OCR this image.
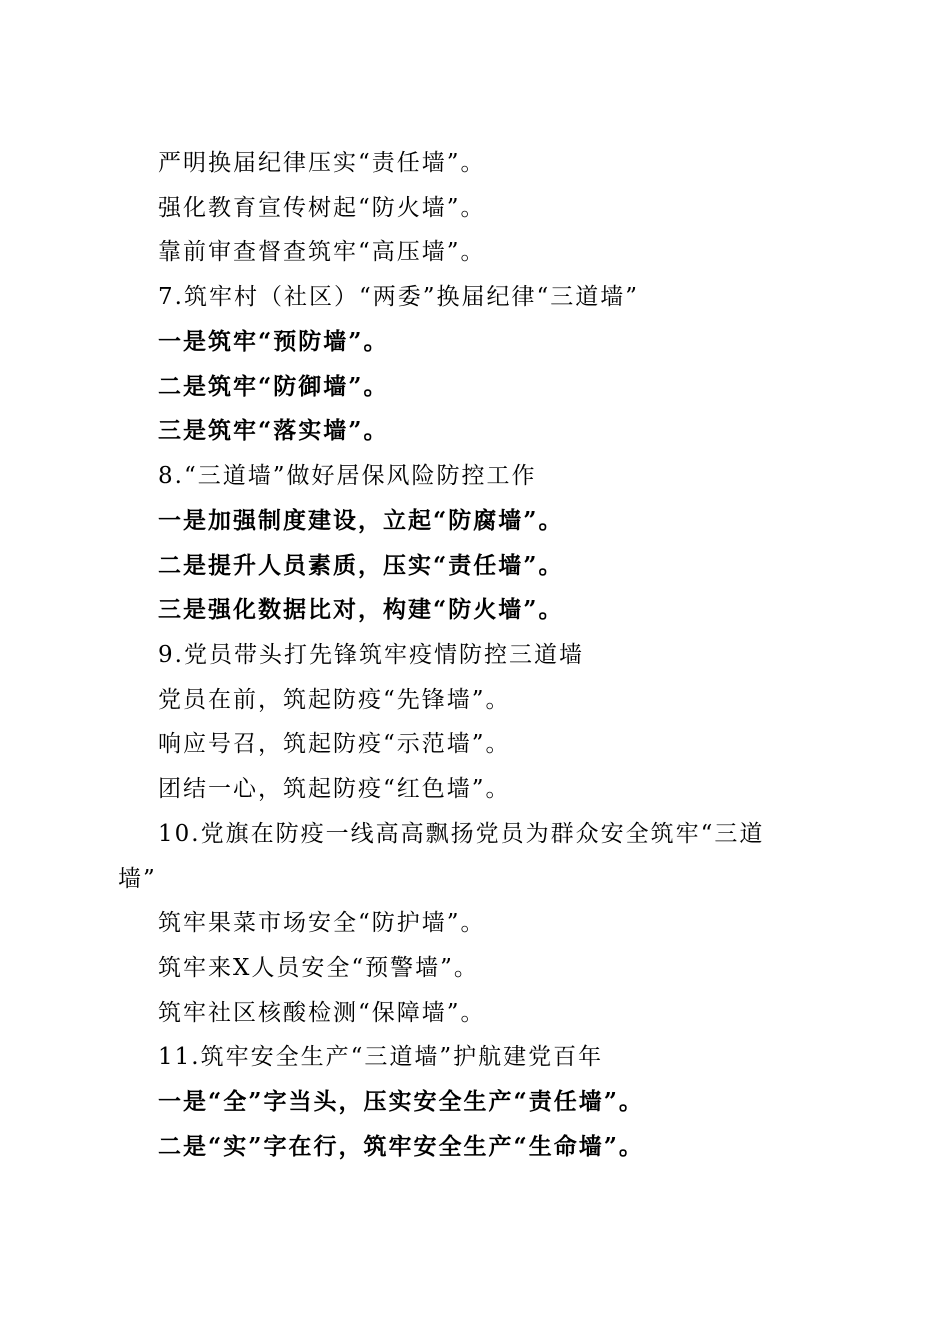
严明换届纪律压实“责任墙”。
强化教育宣传树起“防火墙”。
靠前审查督查筑牢“高压墙”。
7.筑牢村（社区）“两委”换届纪律“三道墙”
一是筑牢“预防墙”。
二是筑牢“防御墙”。
三是筑牢“落实墙”。
8.“三道墙”做好居保风险防控工作
一是加强制度建设，立起“防腐墙”。
二是提升人员素质，压实“责任墙”。
三是强化数据比对，构建“防火墙”。
9.党员带头打先锋筑牢疫情防控三道墙
党员在前，筑起防疫“先锋墙”。
响应号召，筑起防疫“示范墙”。
团结一心，筑起防疫“红色墙”。
10.党旗在防疫一线高高飘扬党员为群众安全筑牢“三道
墙”
筑牢果菜市场安全“防护墙”。
筑牢来X人员安全“预警墙”。
筑牢社区核酸检测“保障墙”。
11.筑牢安全生产“三道墙”护航建党百年
一是“全”字当头，压实安全生产“责任墙”。
二是“实”字在行，筑牢安全生产“生命墙”。
